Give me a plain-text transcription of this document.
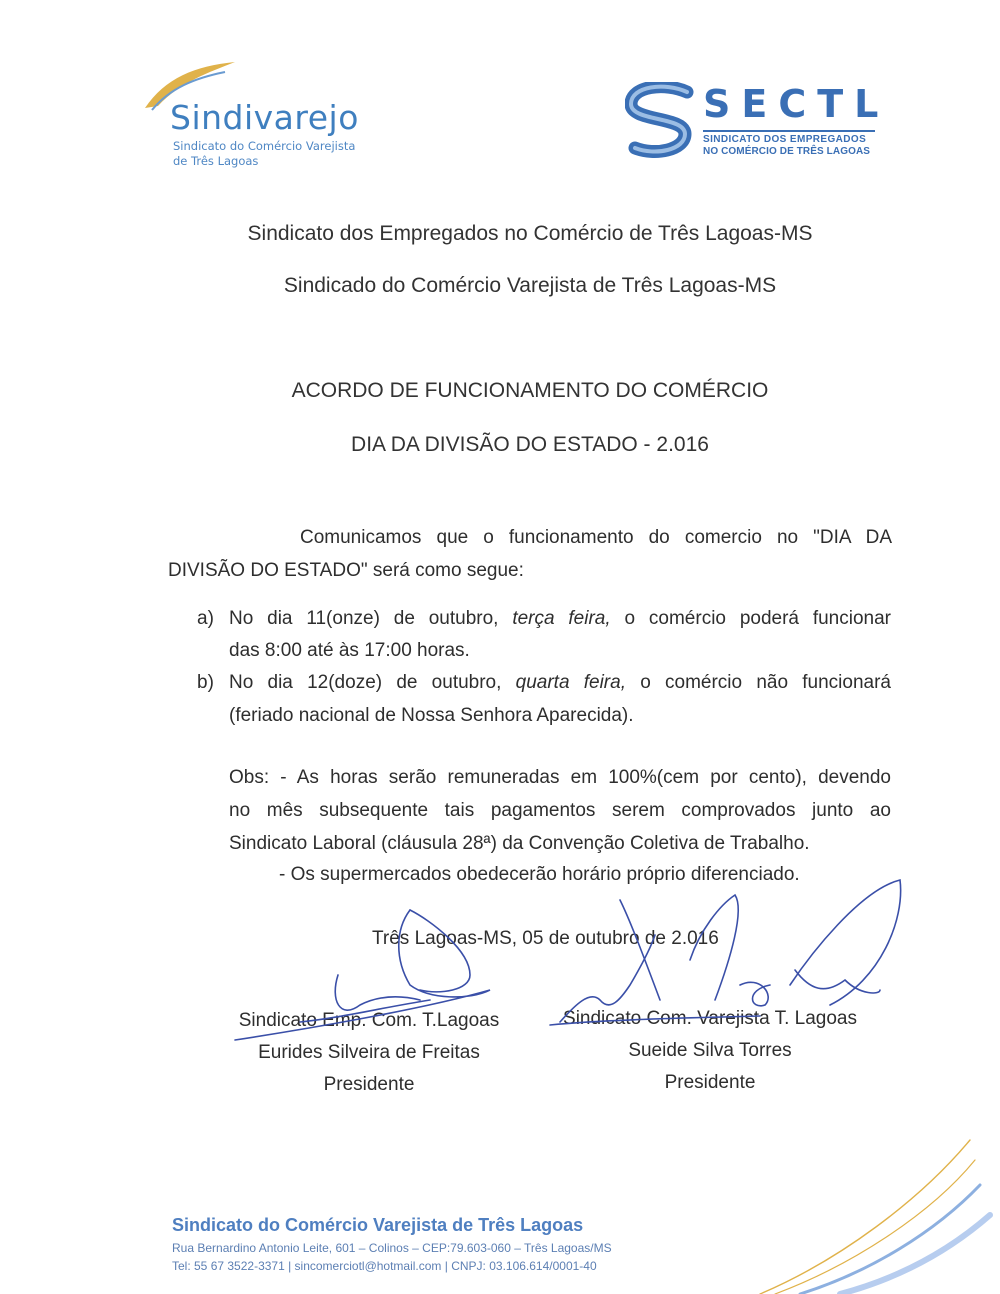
Sindivarejo
Sindicato do Comércio Varejista
de Três Lagoas
SECTL
SINDICATO DOS EMPREGADOS
NO COMÉRCIO DE TRÊS LAGOAS
Sindicato dos Empregados no Comércio de Três Lagoas-MS
Sindicado do Comércio Varejista de Três Lagoas-MS
ACORDO DE FUNCIONAMENTO DO COMÉRCIO
DIA DA DIVISÃO DO ESTADO - 2.016
Comunicamos que o funcionamento do comercio no "DIA DA
DIVISÃO DO ESTADO" será como segue:
a) No dia 11(onze) de outubro, terça feira, o comércio poderá funcionar
das 8:00 até às 17:00 horas.
b) No dia 12(doze) de outubro, quarta feira, o comércio não funcionará
(feriado nacional de Nossa Senhora Aparecida).
Obs: - As horas serão remuneradas em 100%(cem por cento), devendo
no mês subsequente tais pagamentos serem comprovados junto ao
Sindicato Laboral (cláusula 28ª) da Convenção Coletiva de Trabalho.
- Os supermercados obedecerão horário próprio diferenciado.
Três Lagoas-MS, 05 de outubro de 2.016
Sindicato Emp. Com. T.Lagoas
Eurides Silveira de Freitas
Presidente
Sindicato Com. Varejista T. Lagoas
Sueide Silva Torres
Presidente
Sindicato do Comércio Varejista de Três Lagoas
Rua Bernardino Antonio Leite, 601 – Colinos – CEP:79.603-060 – Três Lagoas/MS
Tel: 55 67 3522-3371 | sincomerciotl@hotmail.com | CNPJ: 03.106.614/0001-40
